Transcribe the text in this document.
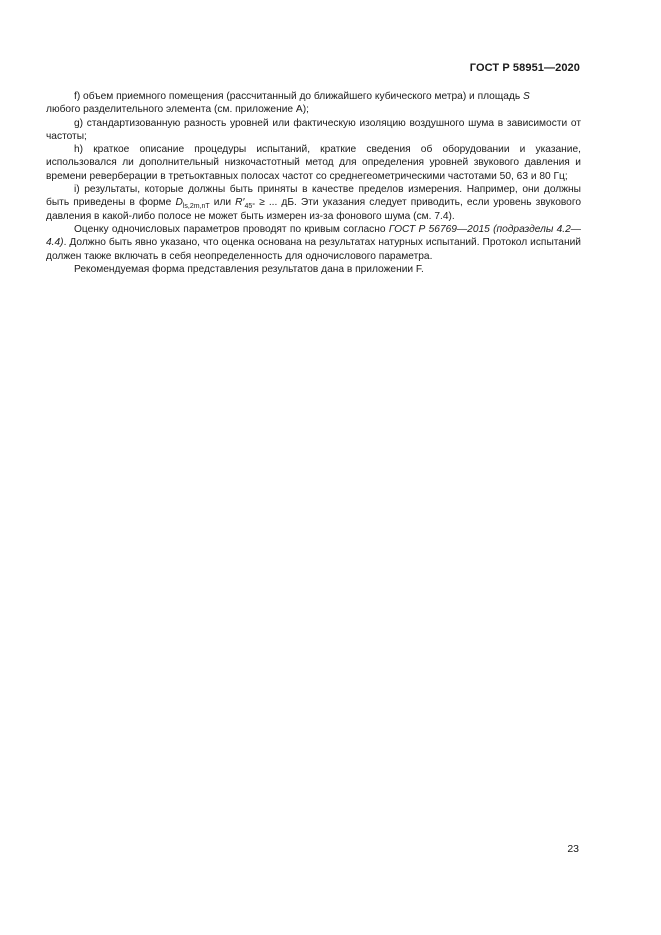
ГОСТ Р 58951—2020

f) объем приемного помещения (рассчитанный до ближайшего кубического метра) и площадь S

любого разделительного элемента (см. приложение А);

g) стандартизованную разность уровней или фактическую изоляцию воздушного шума в зависимости от частоты;

h) краткое описание процедуры испытаний, краткие сведения об оборудовании и указание, использовался ли дополнительный низкочастотный метод для определения уровней звукового давления и времени реверберации в третьоктавных полосах частот со среднегеометрическими частотами 50, 63 и 80 Гц;

i) результаты, которые должны быть приняты в качестве пределов измерения. Например, они должны быть приведены в форме $D_{ls,2m,nT}$ или $R'_{45^\circ}$ ≥ ... дБ. Эти указания следует приводить, если уровень звукового давления в какой-либо полосе не может быть измерен из-за фонового шума (см. 7.4).

Оценку одночисловых параметров проводят по кривым согласно ГОСТ Р 56769—2015 (подразделы 4.2—4.4). Должно быть явно указано, что оценка основана на результатах натурных испытаний. Протокол испытаний должен также включать в себя неопределенность для одночислового параметра.

Рекомендуемая форма представления результатов дана в приложении F.

23
